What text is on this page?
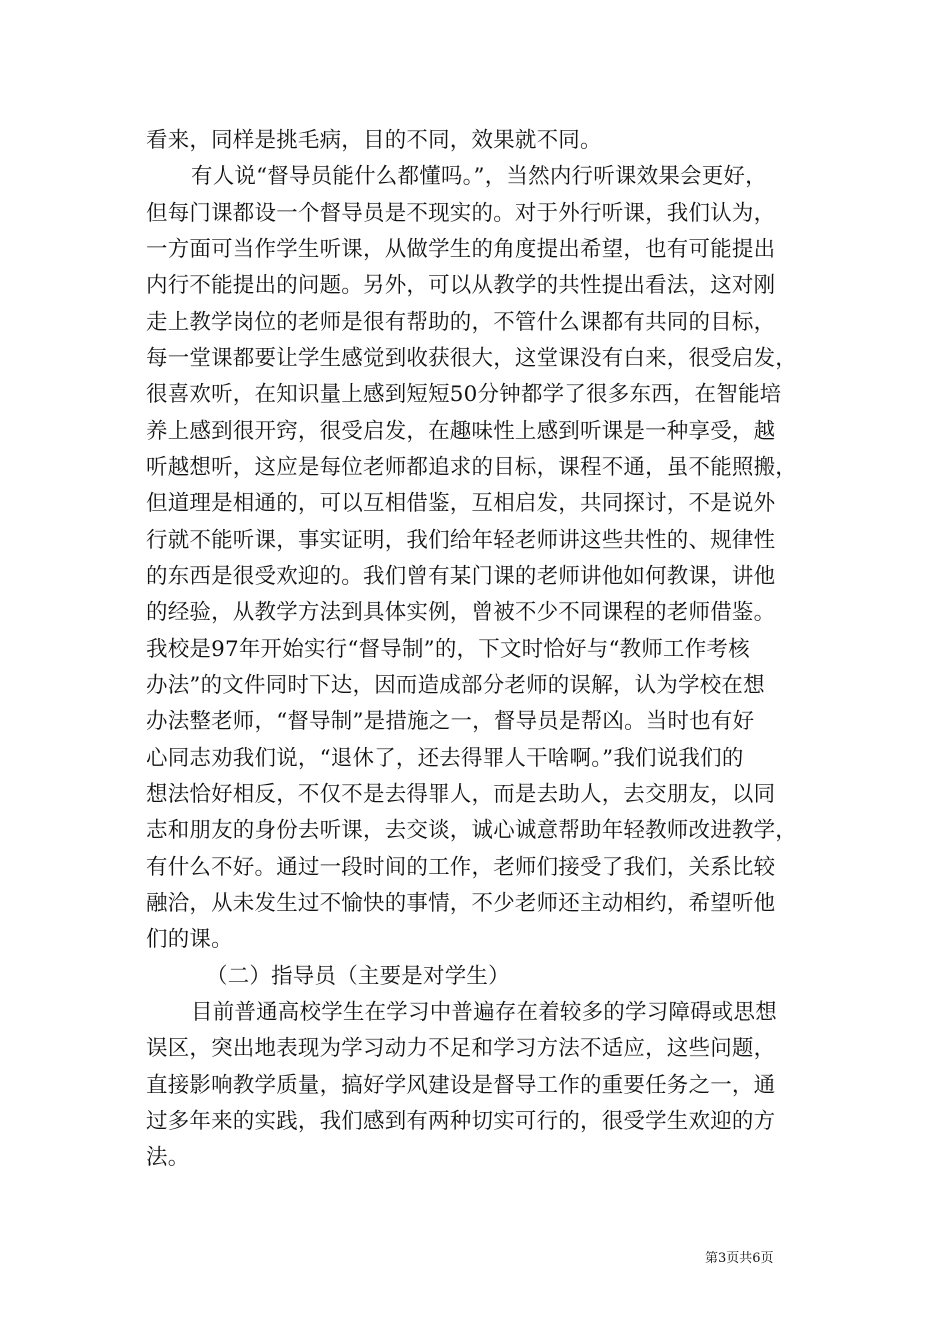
看来，同样是挑毛病，目的不同，效果就不同。
有人说“督导员能什么都懂吗。”，当然内行听课效果会更好，
但每门课都设一个督导员是不现实的。对于外行听课，我们认为，
一方面可当作学生听课，从做学生的角度提出希望，也有可能提出
内行不能提出的问题。另外，可以从教学的共性提出看法，这对刚
走上教学岗位的老师是很有帮助的，不管什么课都有共同的目标，
每一堂课都要让学生感觉到收获很大，这堂课没有白来，很受启发，
很喜欢听，在知识量上感到短短50分钟都学了很多东西，在智能培
养上感到很开窍，很受启发，在趣味性上感到听课是一种享受，越
听越想听，这应是每位老师都追求的目标，课程不通，虽不能照搬，
但道理是相通的，可以互相借鉴，互相启发，共同探讨，不是说外
行就不能听课，事实证明，我们给年轻老师讲这些共性的、规律性
的东西是很受欢迎的。我们曾有某门课的老师讲他如何教课，讲他
的经验，从教学方法到具体实例，曾被不少不同课程的老师借鉴。
我校是97年开始实行“督导制”的，下文时恰好与“教师工作考核
办法”的文件同时下达，因而造成部分老师的误解，认为学校在想
办法整老师，“督导制”是措施之一，督导员是帮凶。当时也有好
心同志劝我们说，“退休了，还去得罪人干啥啊。”我们说我们的
想法恰好相反，不仅不是去得罪人，而是去助人，去交朋友，以同
志和朋友的身份去听课，去交谈，诚心诚意帮助年轻教师改进教学，
有什么不好。通过一段时间的工作，老师们接受了我们，关系比较
融洽，从未发生过不愉快的事情，不少老师还主动相约，希望听他
们的课。
（二）指导员（主要是对学生）
目前普通高校学生在学习中普遍存在着较多的学习障碍或思想
误区，突出地表现为学习动力不足和学习方法不适应，这些问题，
直接影响教学质量，搞好学风建设是督导工作的重要任务之一，通
过多年来的实践，我们感到有两种切实可行的，很受学生欢迎的方
法。
第3页共6页
